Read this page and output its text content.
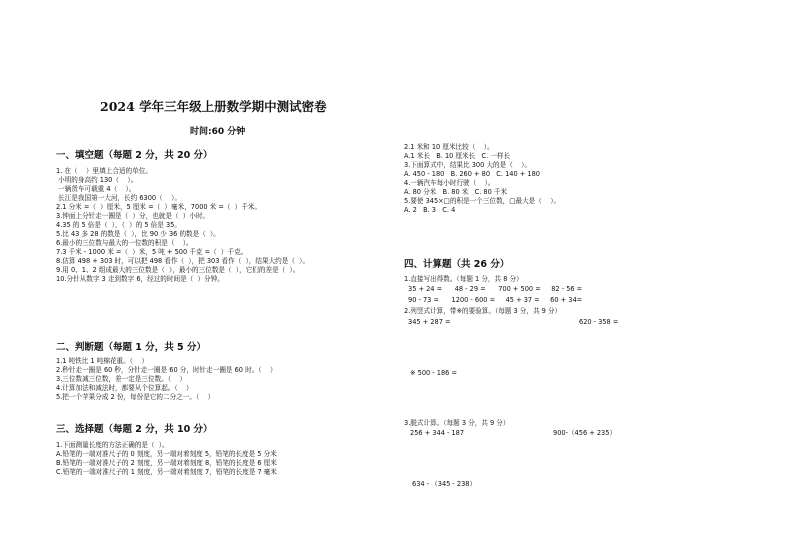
2024 学年三年级上册数学期中测试密卷
时间:60 分钟
一、填空题（每题 2 分，共 20 分）
1. 在（    ）里填上合适的单位。
小明的身高约 130（    ）。
一辆货车可载重 4（    ）。
长江是我国第一大河，长约 6300（    ）。
2.1 分米 =（  ）厘米，5 厘米 =（  ）毫米，7000 米 =（  ）千米。
3.钟面上分针走一圈是（  ）分，也就是（  ）小时。
4.35 的 5 倍是（  ），（  ）的 5 倍是 35。
5.比 43 多 28 的数是（  ），比 90 少 36 的数是（  ）。
6.最小的三位数与最大的一位数的积是（    ）。
7.3 千米 - 1000 米 =（  ）米，5 吨 + 500 千克 =（  ）千克。
8.估算 498 + 303 时，可以把 498 看作（  ），把 303 看作（  ），结果大约是（  ）。
9.用 0、1、2 组成最大的三位数是（  ），最小的三位数是（  ），它们的差是（  ）。
10.分针从数字 3 走到数字 6，经过的时间是（  ）分钟。
二、判断题（每题 1 分，共 5 分）
1.1 吨铁比 1 吨棉花重。（    ）
2.秒针走一圈是 60 秒，分针走一圈是 60 分，时针走一圈是 60 时。（    ）
3.三位数减三位数，差一定是三位数。（    ）
4.计算加法和减法时，都要从个位算起。（    ）
5.把一个苹果分成 2 份，每份是它的二分之一。（    ）
三、选择题（每题 2 分，共 10 分）
1.下面测量长度的方法正确的是（  ）。
A.铅笔的一端对准尺子的 0 刻度，另一端对着刻度 5，铅笔的长度是 5 分米
B.铅笔的一端对准尺子的 2 刻度，另一端对着刻度 8，铅笔的长度是 6 厘米
C.铅笔的一端对准尺子的 1 刻度，另一端对着刻度 7，铅笔的长度是 7 毫米
2.1 米和 10 厘米比较（    ）。
A.1 米长   B. 10 厘米长   C. 一样长
3.下面算式中，结果比 300 大的是（    ）。
A. 450 - 180   B. 260 + 80   C. 140 + 180
4.一辆汽车每小时行驶（    ）。
A. 80 分米   B. 80 米   C. 80 千米
5.要使 345×□的积是一个三位数，□最大是（    ）。
A. 2   B. 3   C. 4
四、计算题（共 26 分）
1.直接写出得数。（每题 1 分，共 8 分）
35 + 24 =      48 - 29 =      700 + 500 =     82 - 56 =
90 - 73 =      1200 - 600 =     45 + 37 =     60 + 34=
2.列竖式计算，带※的要验算。（每题 3 分，共 9 分）
345 + 287 =	620 - 358 =
※ 500 - 186 =
3.脱式计算。（每题 3 分，共 9 分）
256 + 344 - 187	900-（456 + 235）
634 - （345 - 238）
